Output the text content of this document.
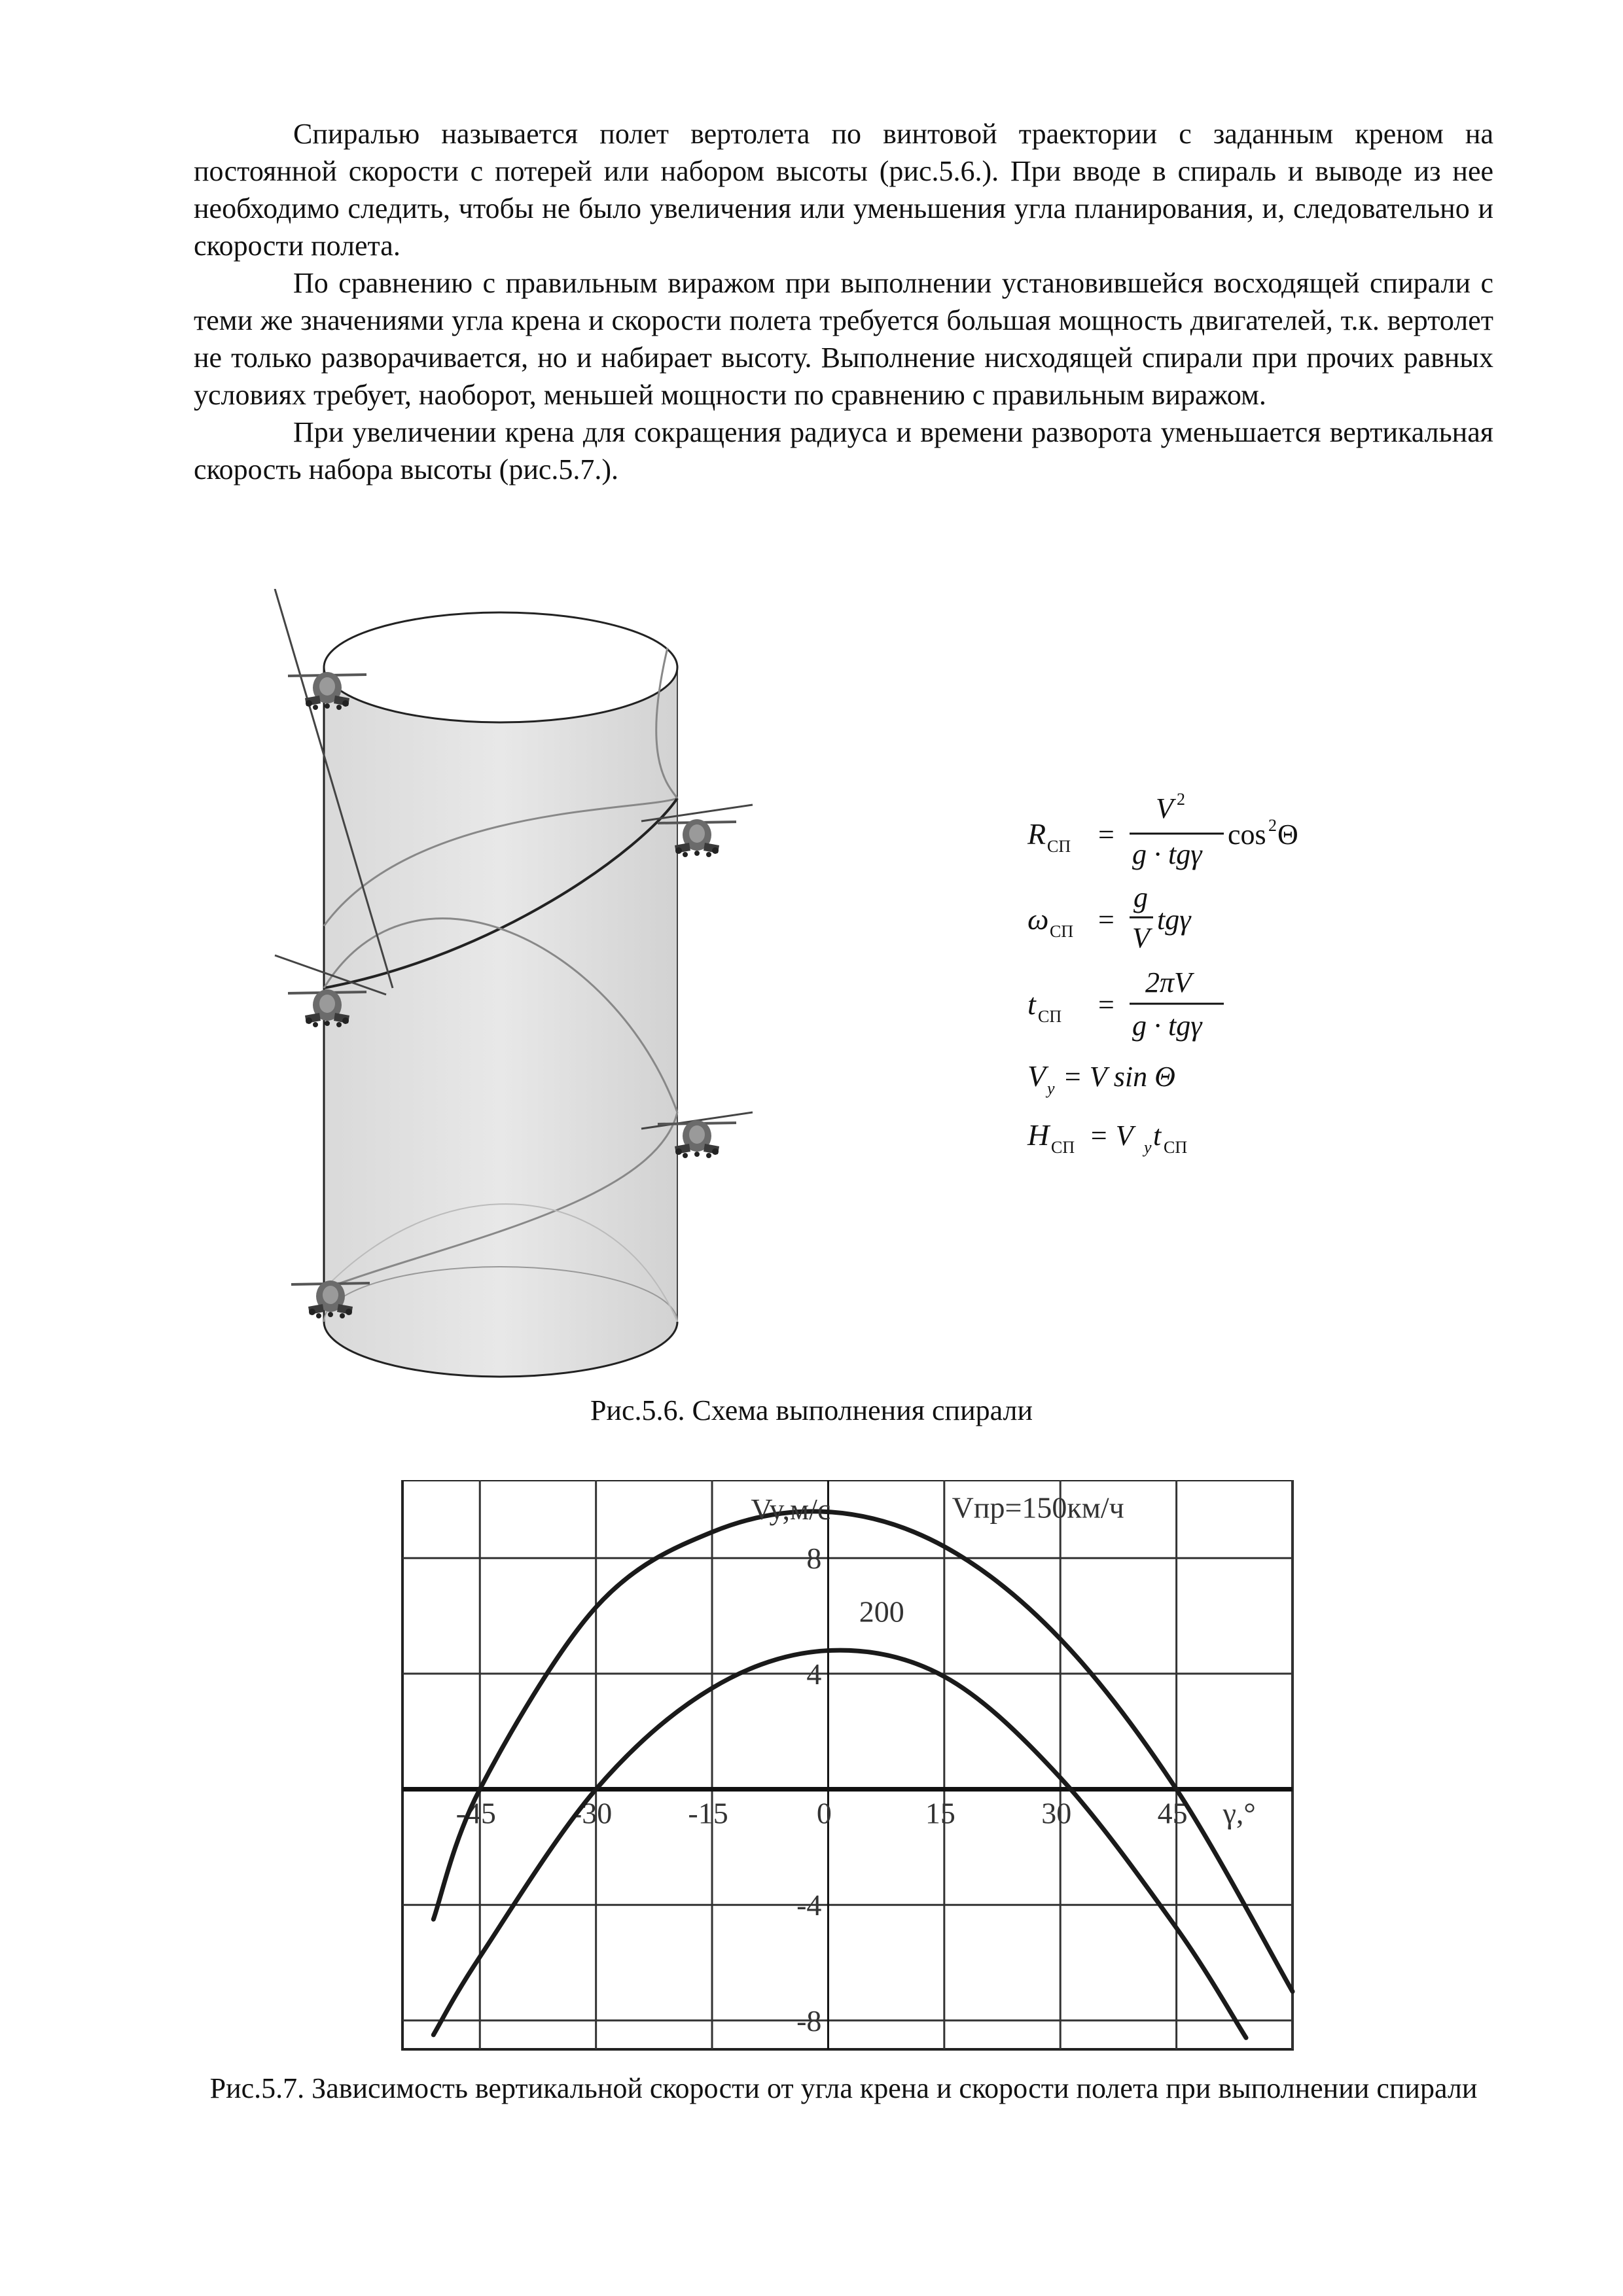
Спиралью называется полет вертолета по винтовой траектории с заданным креном на постоянной скорости с потерей или набором высоты (рис.5.6.). При вводе в спираль и выводе из нее необходимо следить, чтобы не было увеличения или уменьшения угла планирования, и, следовательно и скорости полета.

По сравнению с правильным виражом при выполнении установившейся восходящей спирали с теми же значениями угла крена и скорости полета требуется большая мощность двигателей, т.к. вертолет не только разворачивается, но и набирает высоту. Выполнение нисходящей спирали при прочих равных условиях требует, наоборот, меньшей мощности по сравнению с правильным виражом.

При увеличении крена для сокращения радиуса и времени разворота уменьшается вертикальная скорость набора высоты (рис.5.7.).

R СП =
V 2
g · tgγ
cos 2 Θ
ω СП =
g
V
tgγ
t СП =
2πV
g · tgγ
V y = V sin Θ
H СП = V y t СП

Рис.5.6. Схема выполнения спирали

-45	-30	-15	0	15	30	45
8
4
-4
-8
Vy,м/с
γ,°
Vпр=150км/ч
200

Рис.5.7. Зависимость вертикальной скорости от угла крена и скорости полета при выполнении спирали
